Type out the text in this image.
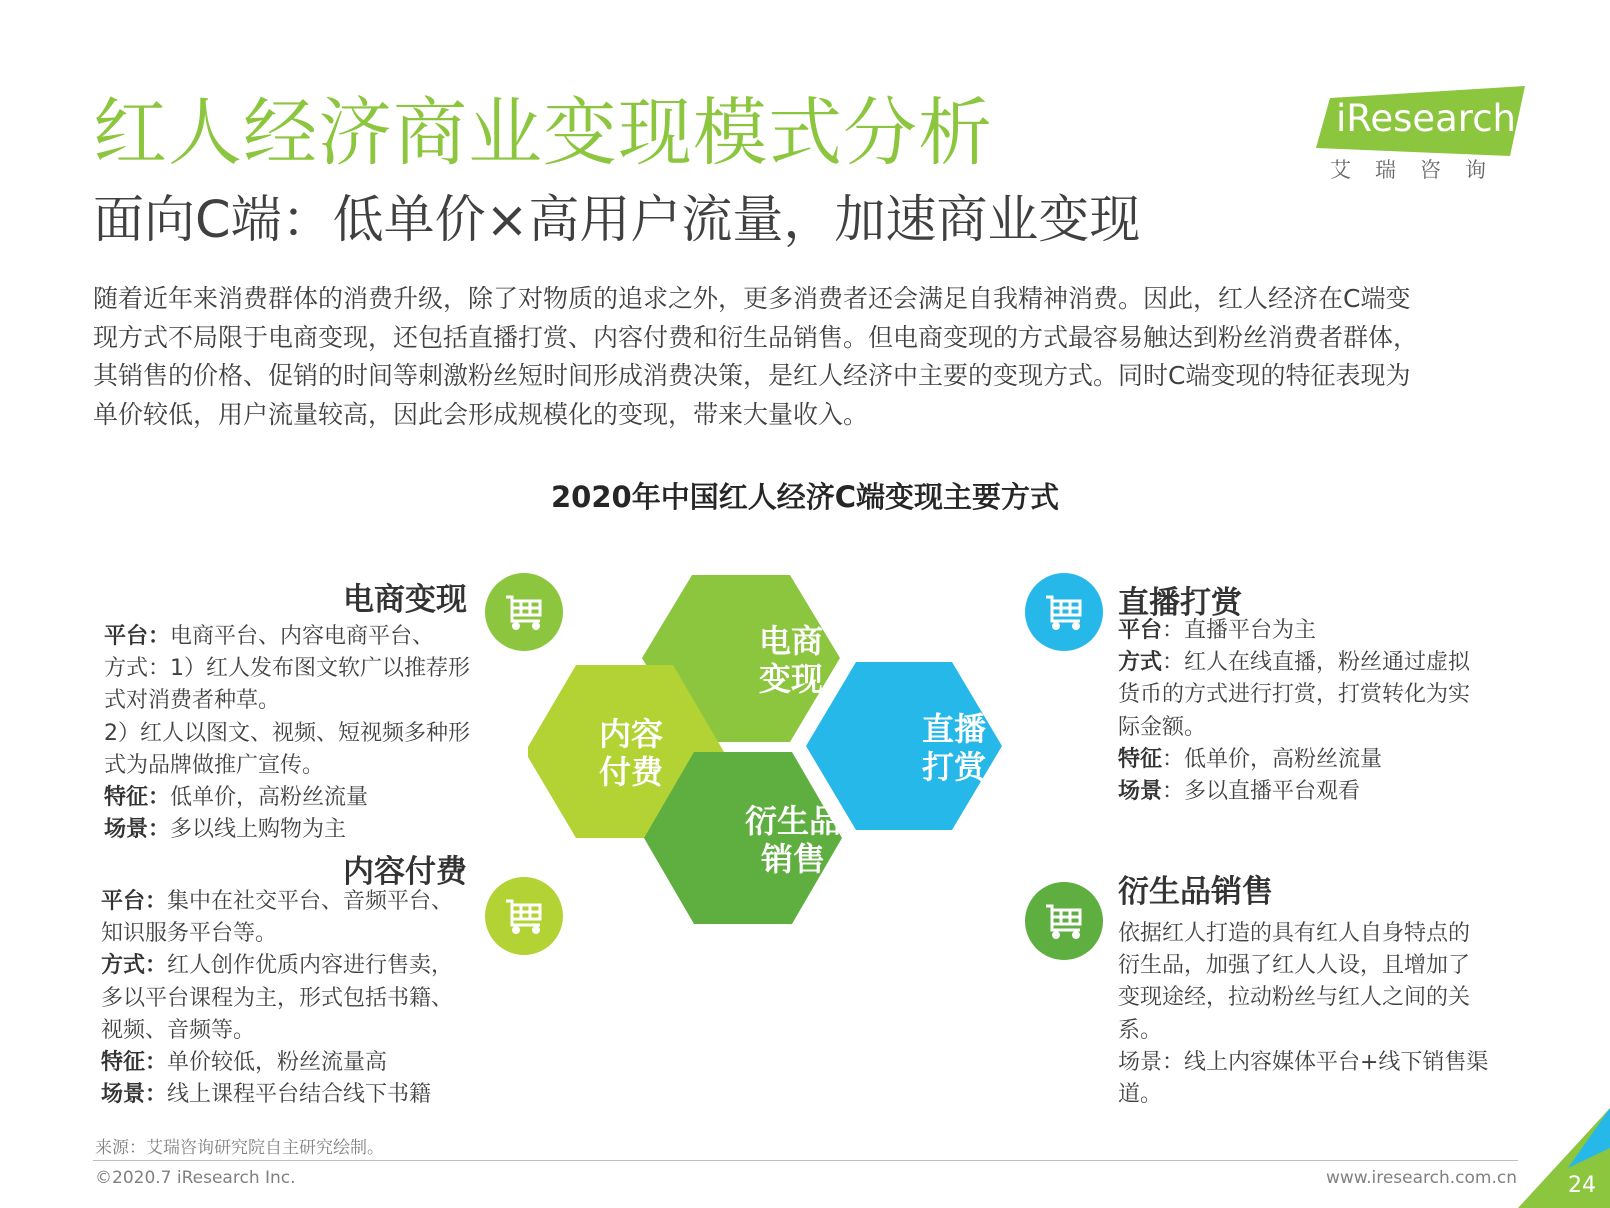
红人经济商业变现模式分析
面向C端：低单价×高用户流量，加速商业变现
iResearch
艾瑞咨询

随着近年来消费群体的消费升级，除了对物质的追求之外，更多消费者还会满足自我精神消费。因此，红人经济在C端变

现方式不局限于电商变现，还包括直播打赏、内容付费和衍生品销售。但电商变现的方式最容易触达到粉丝消费者群体，

其销售的价格、促销的时间等刺激粉丝短时间形成消费决策，是红人经济中主要的变现方式。同时C端变现的特征表现为

单价较低，用户流量较高，因此会形成规模化的变现，带来大量收入。

2020年中国红人经济C端变现主要方式
电商
变现
内容
付费
直播
打赏
衍生品
销售
电商变现
平台：电商平台、内容电商平台、
方式：1）红人发布图文软广以推荐形
式对消费者种草。
2）红人以图文、视频、短视频多种形
式为品牌做推广宣传。
特征：低单价，高粉丝流量
场景：多以线上购物为主
内容付费
平台：集中在社交平台、音频平台、
知识服务平台等。
方式：红人创作优质内容进行售卖，
多以平台课程为主，形式包括书籍、
视频、音频等。
特征：单价较低，粉丝流量高
场景：线上课程平台结合线下书籍
直播打赏
平台：直播平台为主
方式：红人在线直播，粉丝通过虚拟
货币的方式进行打赏，打赏转化为实
际金额。
特征：低单价，高粉丝流量
场景：多以直播平台观看
衍生品销售
依据红人打造的具有红人自身特点的
衍生品，加强了红人人设，且增加了
变现途经，拉动粉丝与红人之间的关
系。
场景：线上内容媒体平台+线下销售渠
道。
来源：艾瑞咨询研究院自主研究绘制。
©2020.7 iResearch Inc.	www.iresearch.com.cn 24
